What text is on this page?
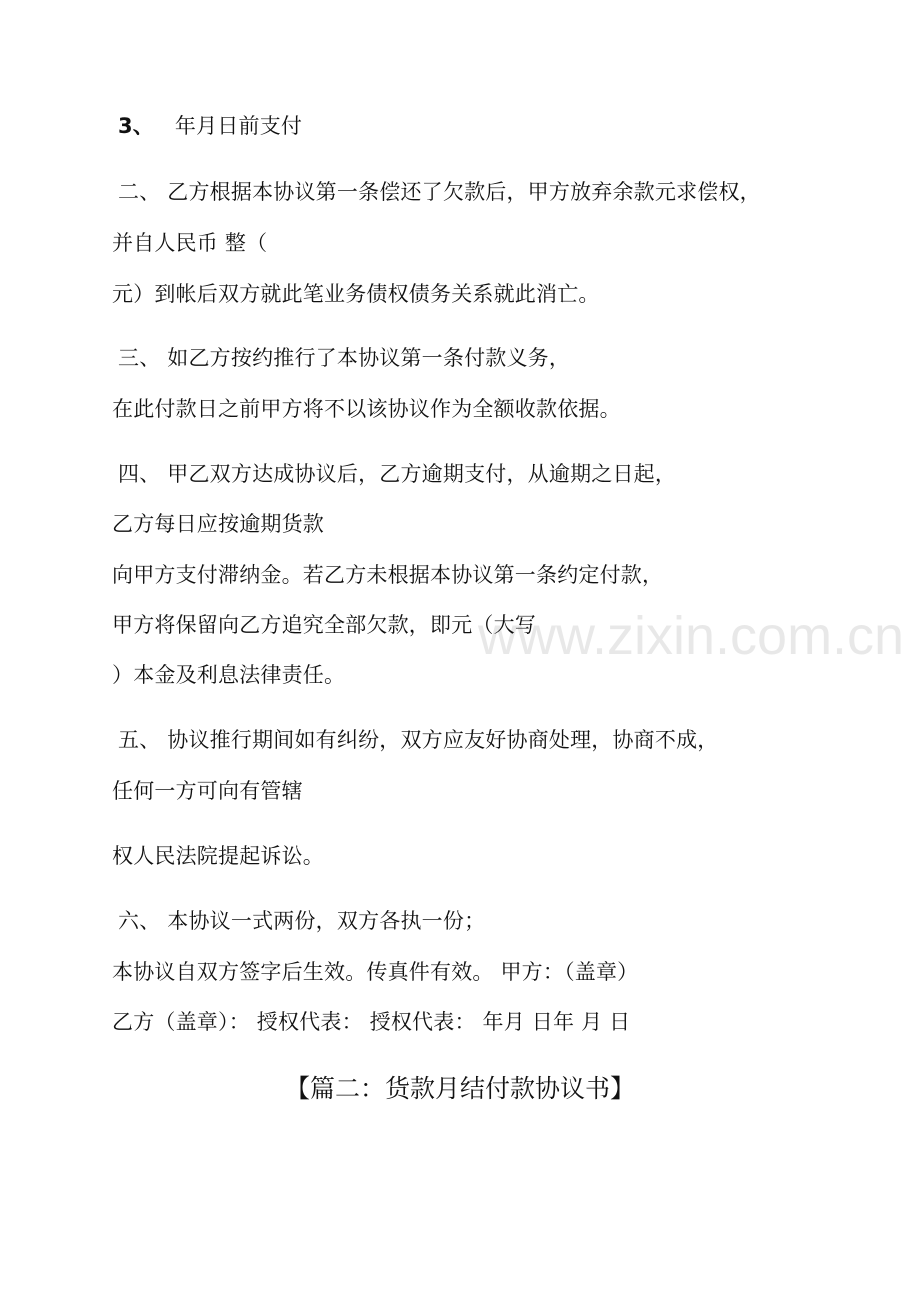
3、 年月日前支付
二、 乙方根据本协议第一条偿还了欠款后，甲方放弃余款元求偿权，
并自人民币 整（
元）到帐后双方就此笔业务债权债务关系就此消亡。
三、 如乙方按约推行了本协议第一条付款义务，
在此付款日之前甲方将不以该协议作为全额收款依据。
四、 甲乙双方达成协议后，乙方逾期支付，从逾期之日起，
乙方每日应按逾期货款
向甲方支付滞纳金。若乙方未根据本协议第一条约定付款，
甲方将保留向乙方追究全部欠款，即元（大写
）本金及利息法律责任。
五、 协议推行期间如有纠纷，双方应友好协商处理，协商不成，
任何一方可向有管辖
权人民法院提起诉讼。
六、 本协议一式两份，双方各执一份；
本协议自双方签字后生效。传真件有效。 甲方：（盖章）
乙方（盖章）： 授权代表： 授权代表： 年月 日年 月 日
【篇二：货款月结付款协议书】
www.zixin.com.cn
